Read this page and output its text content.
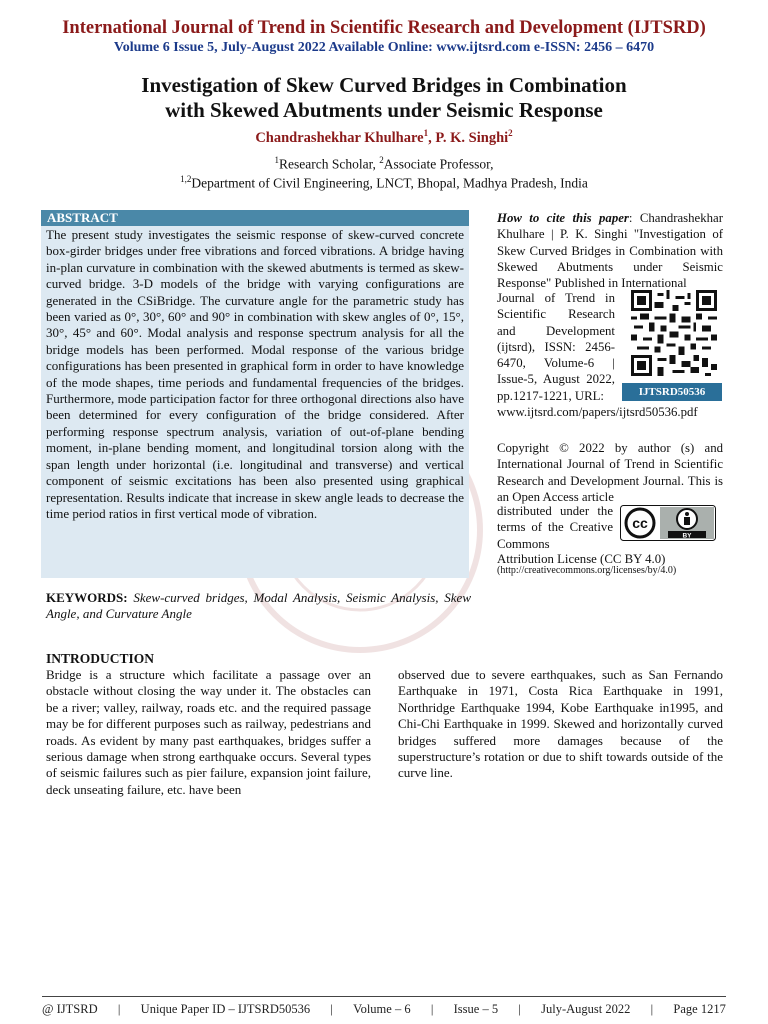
International Journal of Trend in Scientific Research and Development (IJTSRD)
Volume 6 Issue 5, July-August 2022 Available Online: www.ijtsrd.com e-ISSN: 2456 – 6470
Investigation of Skew Curved Bridges in Combination
with Skewed Abutments under Seismic Response
Chandrashekhar Khulhare$^1$, P. K. Singhi$^2$
$^1$Research Scholar, $^2$Associate Professor,
$^{1,2}$Department of Civil Engineering, LNCT, Bhopal, Madhya Pradesh, India
ABSTRACT
The present study investigates the seismic response of skew-curved concrete box-girder bridges under free vibrations and forced vibrations. A bridge having in-plan curvature in combination with the skewed abutments is termed as skew-curved bridge. 3-D models of the bridge with varying configurations are generated in the CSiBridge. The curvature angle for the parametric study has been varied as 0°, 30°, 60° and 90° in combination with skew angles of 0°, 15°, 30°, 45° and 60°. Modal analysis and response spectrum analysis for all the bridge models has been performed. Modal response of the various bridge configurations has been presented in graphical form in order to have knowledge of the mode shapes, time periods and fundamental frequencies of the bridges. Furthermore, mode participation factor for three orthogonal directions also have been determined for every configuration of the bridge considered. After performing response spectrum analysis, variation of out-of-plane bending moment, in-plane bending moment, and longitudinal torsion along with the span length under horizontal (i.e. longitudinal and transverse) and vertical component of seismic excitations has been also presented using graphical representation. Results indicate that increase in skew angle leads to decrease the time period ratios in first vertical mode of vibration.
KEYWORDS: Skew-curved bridges, Modal Analysis, Seismic Analysis, Skew Angle, and Curvature Angle
How to cite this paper: Chandrashekhar Khulhare | P. K. Singhi "Investigation of Skew Curved Bridges in Combination with Skewed Abutments under Seismic Response" Published in International
Journal of Trend in Scientific Research and Development (ijtsrd), ISSN: 2456-6470, Volume-6 | Issue-5, August 2022, pp.1217-1221, URL:	IJTSRD50536
www.ijtsrd.com/papers/ijtsrd50536.pdf
Copyright © 2022 by author (s) and International Journal of Trend in Scientific Research and Development Journal. This is an Open Access article
distributed under the terms of the Creative Commons
cc
BY
Attribution License (CC BY 4.0)
(http://creativecommons.org/licenses/by/4.0)
INTRODUCTION
Bridge is a structure which facilitate a passage over an obstacle without closing the way under it. The obstacles can be a river; valley, railway, roads etc. and the required passage may be for different purposes such as railway, pedestrians and roads. As evident by many past earthquakes, bridges suffer a serious damage when strong earthquake occurs. Several types of seismic failures such as pier failure, expansion joint failure, deck unseating failure, etc. have been
observed due to severe earthquakes, such as San Fernando Earthquake in 1971, Costa Rica Earthquake in 1991, Northridge Earthquake 1994, Kobe Earthquake in1995, and Chi-Chi Earthquake in 1999. Skewed and horizontally curved bridges suffered more damages because of the superstructure’s rotation or due to shift towards outside of the curve line.
@ IJTSRD | Unique Paper ID – IJTSRD50536 | Volume – 6 | Issue – 5 | July-August 2022 | Page 1217
